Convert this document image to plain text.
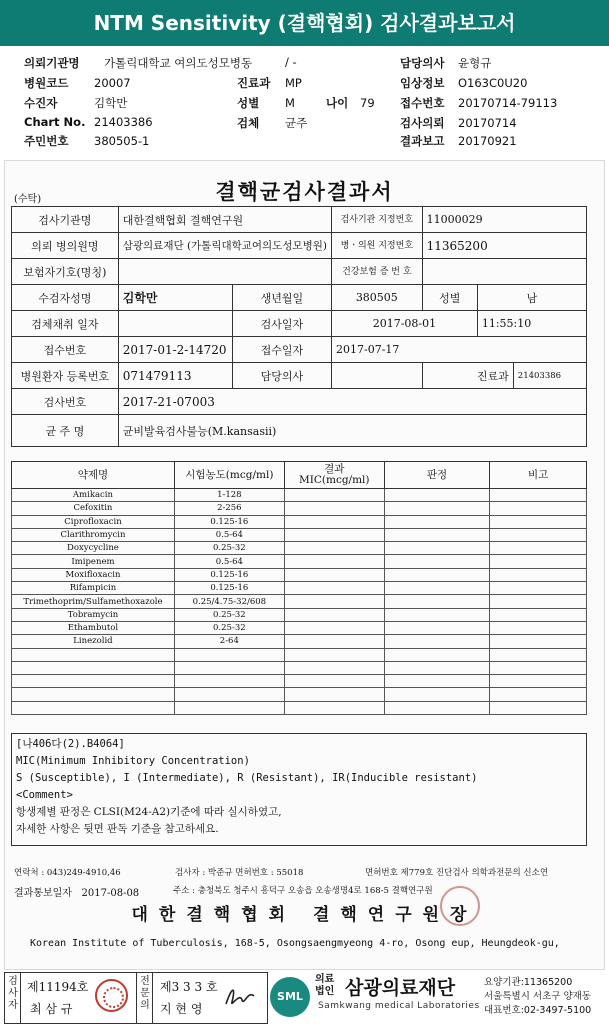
NTM Sensitivity (결핵협회) 검사결과보고서
의뢰기관명 가톨릭대학교 여의도성모병동	/ -	담당의사 윤형규
병원코드 20007	진료과 MP	임상정보 O163C0U20
수진자	김학만	성별 M	나이 79 접수번호 20170714-79113
Chart No. 21403386	검체 균주	검사의뢰 20170714
주민번호 380505-1	결과보고 20170921
(수탁)	결핵균검사결과서
검사기관명	대한결핵협회 결핵연구원		검사기관 지정번호	11000029		
의뢰 병의원명	삼광의료재단 (가톨릭대학교여의도성모병원)		병ㆍ의원 지정번호	11365200		
보험자기호(명칭)			건강보험 증 번 호			
수검자성명	김학만	생년월일	380505	성별	남	
검체채취 일자		검사일자	2017-08-01		11:55:10	
접수번호	2017-01-2-14720	접수일자	2017-07-17			
병원환자 등록번호	071479113	담당의사		진료과		21403386
검사번호	2017-21-07003					
균 주 명	균비발육검사불능(M.kansasii)					
약제명	시험농도(mcg/ml)	결과 MIC(mcg/ml)	판정	비고
Amikacin	1-128			
Cefoxitin	2-256			
Ciprofloxacin	0.125-16			
Clarithromycin	0.5-64			
Doxycycline	0.25-32			
Imipenem	0.5-64			
Moxifloxacin	0.125-16			
Rifampicin	0.125-16			
Trimethoprim/Sulfamethoxazole	0.25/4.75-32/608			
Tobramycin	0.25-32			
Ethambutol	0.25-32			
Linezolid	2-64			

[나406다(2).B4064]
MIC(Minimum Inhibitory Concentration)
S (Susceptible), I (Intermediate), R (Resistant), IR(Inducible resistant)
<Comment>
항생제별 판정은 CLSI(M24-A2)기준에 따라 실시하였고,
자세한 사항은 뒷면 판독 기준을 참고하세요.
연락처 : 043)249-4910,46	검사자 : 박준규 면허번호 : 55018	면허번호 제779호 진단검사 의학과전문의 신소연
결과통보일자 2017-08-08	주소 : 충청북도 청주시 흥덕구 오송읍 오송생명4로 168-5 결핵연구원
대한결핵협회 결핵연구원장
Korean Institute of Tuberculosis, 168-5, Osongsaengmyeong 4-ro, Osong eup, Heungdeok-gu,
검사자
제11194호
최 삼 규
전문의
제3 3 3 호
지 현 영
SML
의료
법인 삼광의료재단
Samkwang medical Laboratories
요양기관:11365200
서울특별시 서초구 양재동
대표번호:02-3497-5100
